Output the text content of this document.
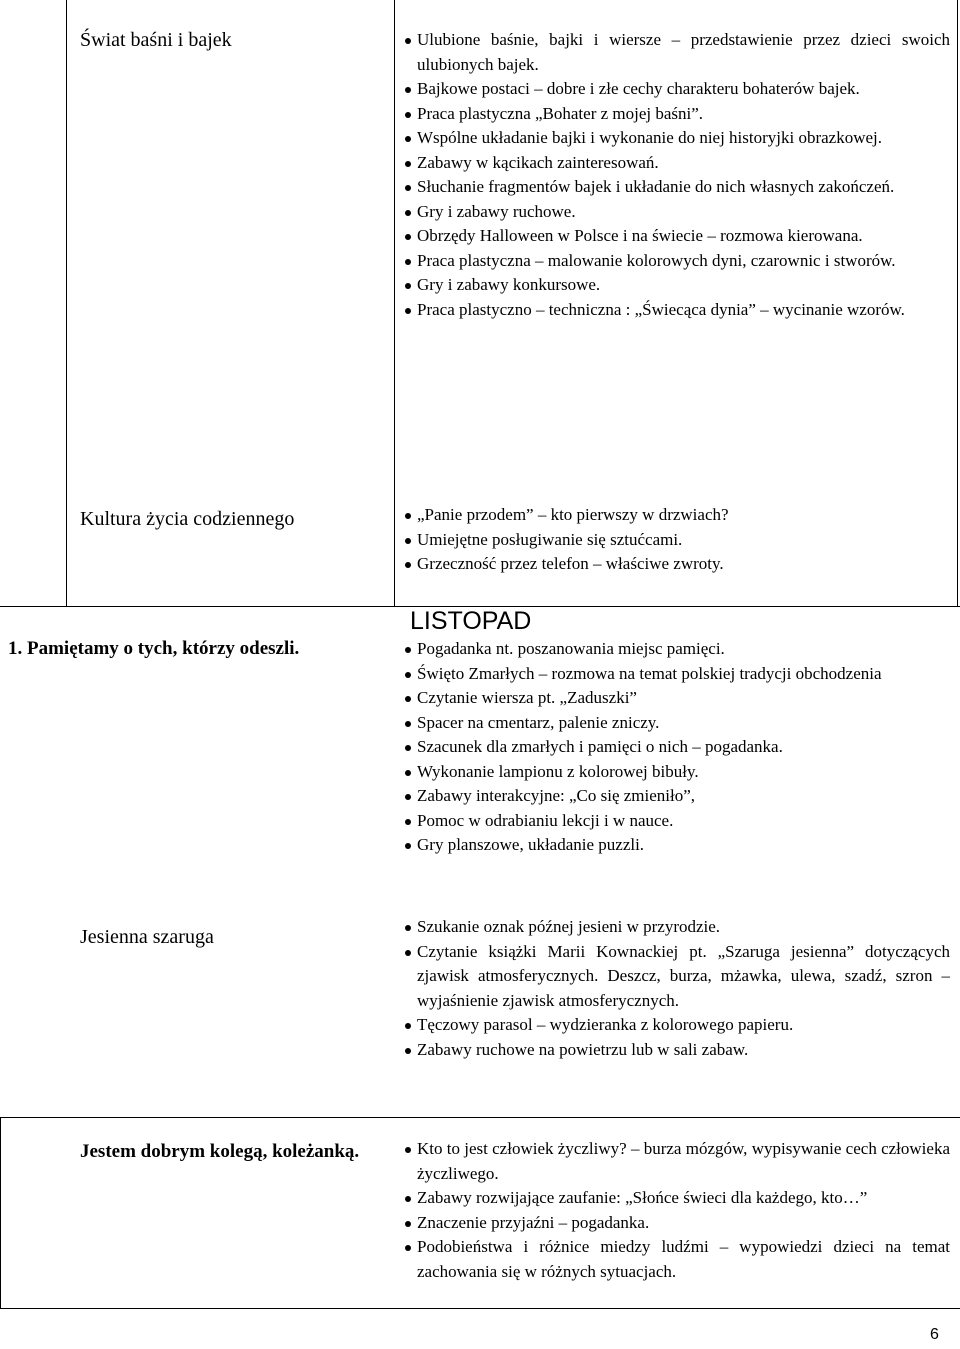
Świat baśni i bajek	Ulubione baśnie, bajki i wiersze – przedstawienie przez dzieci swoich ulubionych bajek.
Bajkowe postaci – dobre i złe cechy charakteru bohaterów bajek.
Praca plastyczna „Bohater z mojej baśni”.
Wspólne układanie bajki i wykonanie do niej historyjki obrazkowej.
Zabawy w kącikach zainteresowań.
Słuchanie fragmentów bajek i układanie do nich własnych zakończeń.
Gry i zabawy ruchowe.
Obrzędy Halloween w Polsce i na świecie – rozmowa kierowana.
Praca plastyczna – malowanie kolorowych dyni, czarownic i stworów.
Gry i zabawy konkursowe.
Praca plastyczno – techniczna : „Świecąca dynia” – wycinanie wzorów.
Kultura życia codziennego	„Panie przodem” – kto pierwszy w drzwiach?
Umiejętne posługiwanie się sztućcami.
Grzeczność przez telefon – właściwe zwroty.
LISTOPAD
1. Pamiętamy o tych, którzy odeszli.	Pogadanka nt. poszanowania miejsc pamięci.
Święto Zmarłych – rozmowa na temat polskiej tradycji obchodzenia
Czytanie wiersza pt. „Zaduszki”
Spacer na cmentarz, palenie zniczy.
Szacunek dla zmarłych i pamięci o nich – pogadanka.
Wykonanie lampionu z kolorowej bibuły.
Zabawy interakcyjne: „Co się zmieniło”,
Pomoc w odrabianiu lekcji i w nauce.
Gry planszowe, układanie puzzli.
Jesienna szaruga	Szukanie oznak późnej jesieni w przyrodzie.
Czytanie książki Marii Kownackiej pt. „Szaruga jesienna” dotyczących zjawisk atmosferycznych. Deszcz, burza, mżawka, ulewa, szadź, szron – wyjaśnienie zjawisk atmosferycznych.
Tęczowy parasol – wydzieranka z kolorowego papieru.
Zabawy ruchowe na powietrzu lub w sali zabaw.
Jestem dobrym kolegą, koleżanką.	Kto to jest człowiek życzliwy? – burza mózgów, wypisywanie cech człowieka życzliwego.
Zabawy rozwijające zaufanie: „Słońce świeci dla każdego, kto…”
Znaczenie przyjaźni – pogadanka.
Podobieństwa i różnice miedzy ludźmi – wypowiedzi dzieci na temat zachowania się w różnych sytuacjach.
6
